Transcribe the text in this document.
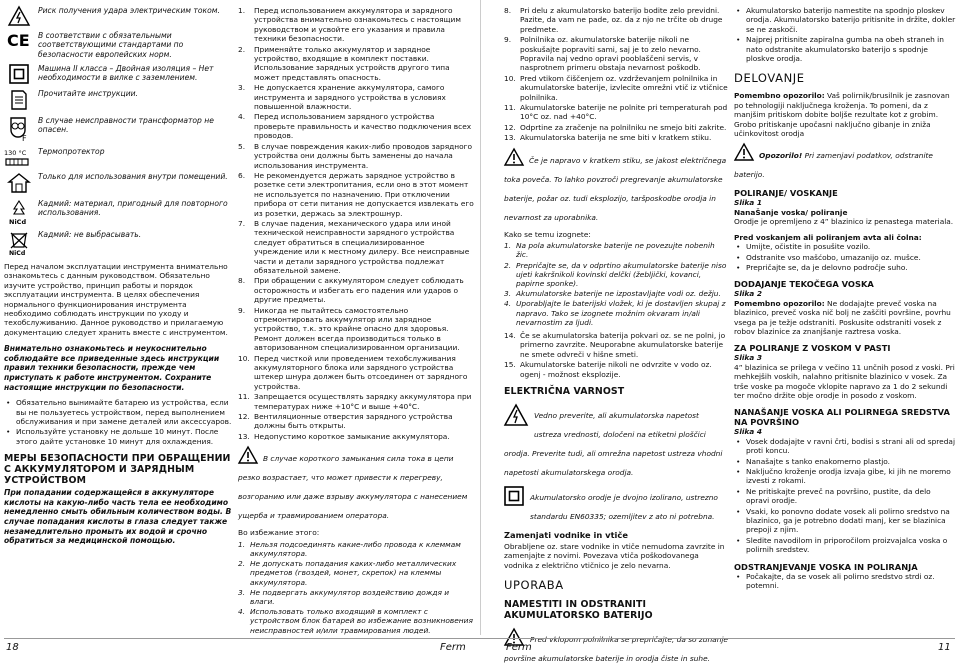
Риск получения удара электрическим током.
CE	В соответствии с обязательными соответствующими стандартами по безопасности европейских норм.
Машина II класса – Двойная изоляция – Нет необходимости в вилке с заземлением.
Прочитайте инструкции.
F
В случае неисправности трансформатор не опасен.
130 °C	Термопротектор
Только для использования внутри помещений.
NiCd
Кадмий: материал, пригодный для повторного использования.
NiCd
Кадмий: не выбрасывать.

Перед началом эксплуатации инструмента внимательно ознакомьтесь с данным руководством. Обязательно изучите устройство, принцип работы и порядок эксплуатации инструмента. В целях обеспечения нормального функционирования инструмента необходимо соблюдать инструкции по уходу и техобслуживанию. Данное руководство и прилагаемую документацию следует хранить вместе с инструментом.

Внимательно ознакомьтесь и неукоснительно соблюдайте все приведенные здесь инструкции правил техники безопасности, прежде чем приступать к работе инструментом. Сохраните настоящие инструкции по безопасности.

• Обязательно вынимайте батарею из устройства, если вы не пользуетесь устройством, перед выполнением обслуживания и при замене деталей или аксессуаров.
• Используйте установку не дольше 10 минут. После этого дайте установке 10 минут для охлаждения.
МЕРЫ БЕЗОПАСНОСТИ ПРИ ОБРАЩЕНИИ С АККУМУЛЯТОРОМ И ЗАРЯДНЫМ УСТРОЙСТВОМ

При попадании содержащейся в аккумуляторе кислоты на какую-либо часть тела ее необходимо немедленно смыть обильным количеством воды. В случае попадания кислоты в глаза следует также незамедлительно промыть их водой и срочно обратиться за медицинской помощью.

1. Перед использованием аккумулятора и зарядного устройства внимательно ознакомьтесь с настоящим руководством и усвойте его указания и правила техники безопасности.
2. Применяйте только аккумулятор и зарядное устройство, входящие в комплект поставки. Использование зарядных устройств другого типа может представлять опасность.
3. Не допускается хранение аккумулятора, самого инструмента и зарядного устройства в условиях повышенной влажности.
4. Перед использованием зарядного устройства проверьте правильность и качество подключения всех проводов.
5. В случае повреждения каких-либо проводов зарядного устройства они должны быть заменены до начала использования инструмента.
6. Не рекомендуется держать зарядное устройство в розетке сети электропитания, если оно в этот момент не используется по назначению. При отключении прибора от сети питания не допускается извлекать его из розетки, держась за электрошнур.
7. В случае падения, механического удара или иной технической неисправности зарядного устройства следует обратиться в специализированное учреждение или к местному дилеру. Все неисправные части и детали зарядного устройства подлежат обязательной замене.
8. При обращении с аккумулятором следует соблюдать осторожность и избегать его падения или ударов о другие предметы.
9. Никогда не пытайтесь самостоятельно отремонтировать аккумулятор или зарядное устройство, т.к. это крайне опасно для здоровья. Ремонт должен всегда производиться только в авторизованном специализированном организации.
10. Перед чисткой или проведением техобслуживания аккумуляторного блока или зарядного устройства штекер шнура должен быть отсоединен от зарядного устройства.
11. Запрещается осуществлять зарядку аккумулятора при температурах ниже +10°C и выше +40°C.
12. Вентиляционные отверстия зарядного устройства должны быть открыты.
13. Недопустимо короткое замыкание аккумулятора.
В случае короткого замыкания сила тока в цепи резко возрастает, что может привести к перегреву, возгоранию или даже взрыву аккумулятора с нанесением ущерба и травмированием оператора.
Во избежание этого:
1. Нельзя подсоединять какие-либо провода к клеммам аккумулятора.
2. Не допускать попадания каких-либо металлических предметов (гвоздей, монет, скрепок) на клеммы аккумулятора.
3. Не подвергать аккумулятор воздействию дождя и влаги.
4. Использовать только входящий в комплект с устройством блок батарей во избежание возникновения неисправностей и/или травмирования людей.
8. Pri delu z akumulatorsko baterijo bodite zelo previdni. Pazite, da vam ne pade, oz. da z njo ne trčite ob druge predmete.
9. Polnilnika oz. akumulatorske baterije nikoli ne poskušajte popraviti sami, saj je to zelo nevarno. Popravila naj vedno opravi pooblaščeni servis, v nasprotnem primeru obstaja nevarnost poškodb.
10. Pred vtikom čiščenjem oz. vzdrževanjem polnilnika in akumulatorske baterije, izvlecite omrežni vtič iz vtičnice polnilnika.
11. Akumulatorske baterije ne polnite pri temperaturah pod 10°C oz. nad +40°C.
12. Odprtine za zračenje na polnilniku ne smejo biti zakrite.
13. Akumulatorska baterija ne sme biti v kratkem stiku.
Če je napravo v kratkem stiku, se jakost električnega toka poveča. To lahko povzroči pregrevanje akumulatorske baterije, požar oz. tudi eksplozijo, taršposkodbe orodja in nevarnost za uporabnika.
Kako se temu izognete:
1. Na pola akumulatorske baterije ne povezujte nobenih žic.
2. Prepričajte se, da v odprtino akumulatorske baterije niso ujeti kakršnikoli kovinski delčki (žebljički, kovanci, papirne sponke).
3. Akumulatorske baterije ne izpostavljajte vodi oz. dežju.
4. Uporabljajte le baterijski vložek, ki je dostavljen skupaj z napravo. Tako se izognete možnim okvaram in/ali nevarnostim za ljudi.
14. Če se akumulatorska baterija pokvari oz. se ne polni, jo primerno zavrzite. Neuporabne akumulatorske baterije ne smete odvreči v hišne smeti.
15. Akumulatorske baterije nikoli ne odvrzite v vodo oz. ogenj - možnost eksplozije.
ELEKTRIČNA VARNOST
Vedno preverite, ali akumulatorska napetost ustreza vrednosti, določeni na etiketni ploščici orodja. Preverite tudi, ali omrežna napetost ustreza vhodni napetosti akumulatorskega orodja.
Akumulatorsko orodje je dvojno izolirano, ustrezno standardu EN60335; ozemljitev z ato ni potrebna.
Zamenjati vodnike in vtiče

Obrabljene oz. stare vodnike in vtiče nemudoma zavrzite in zamenjajte z novimi. Povezava vtiča poškodovanega vodnika z električno vtičnico je zelo nevarna.

UPORABA
NAMESTITI IN ODSTRANITI AKUMULATORSKO BATERIJO
Pred vklopom polnilnika se prepričajte, da so zunanje površine akumulatorske baterije in orodja čiste in suhe.
• Akumulatorsko baterijo namestite na spodnjo ploskev orodja. Akumulatorsko baterijo pritisnite in držite, dokler se ne zaskoči.
• Najprej pritisnite zapiralna gumba na obeh straneh in nato odstranite akumulatorsko baterijo s spodnje ploskve orodja.
DELOVANJE

Pomembno opozorilo: Vaš polirnik/brusilnik je zasnovan po tehnologiji naključnega kroženja. To pomeni, da z manjšim pritiskom dobite boljše rezultate kot z grobim. Grobo pritiskanje upočasni naključno gibanje in zniža učinkovitost orodja

Opozorilo! Pri zamenjavi podatkov, odstranite baterijo.
POLIRANJE/ VOSKANJE
Slika 1
NanaŠanje voska/ poliranje
Orodje je opremljeno z 4” blazinico iz penastega materiala.
Pred voskanjem ali poliranjem avta ali čolna:
• Umijte, očistite in posušite vozilo.
• Odstranite vso mašćobo, umazanijo oz. mušce.
• Prepričajte se, da je delovno področje suho.
DODAJANJE TEKOČEGA VOSKA
Slika 2
Pomembno opozorilo: Ne dodajajte preveč voska na blazinico, preveč voska nič bolj ne zaščiti površine, povrhu vsega pa je težje odstraniti. Poskusite odstraniti vosek z robov blazinice za znanjšanje raztresa voska.
ZA POLIRANJE Z VOSKOM V PASTI
Slika 3
4” blazinica se prilega v večino 11 unčnih posod z voski. Pri mehkejših voskih, nalahno pritisnite blazinico v vosek. Za trše voske pa mogoče vklopite napravo za 1 do 2 sekundi ter močno držite obje orodje in posodo z voskom.
NANAŠANJE VOSKA ALI POLIRNEGA SREDSTVA NA POVRŠINO
Slika 4
• Vosek dodajajte v ravni črti, bodisi s strani ali od spredaj proti koncu.
• Nanašajte s tanko enakomerno plastjo.
• Naključno kroženje orodja izvaja gibe, ki jih ne moremo izvesti z rokami.
• Ne pritiskajte preveč na površino, pustite, da delo opravi orodje.
• Vsaki, ko ponovno dodate vosek ali polirno sredstvo na blazinico, ga je potrebno dodati manj, ker se blazinica prepoji z njim.
• Sledite navodilom in priporočilom proizvajalca voska o polirnih sredstev.
ODSTRANJEVANJE VOSKA IN POLIRANJA
• Počakajte, da se vosek ali polirno sredstvo strdi oz. potemni.
18	Ferm	Ferm	11
